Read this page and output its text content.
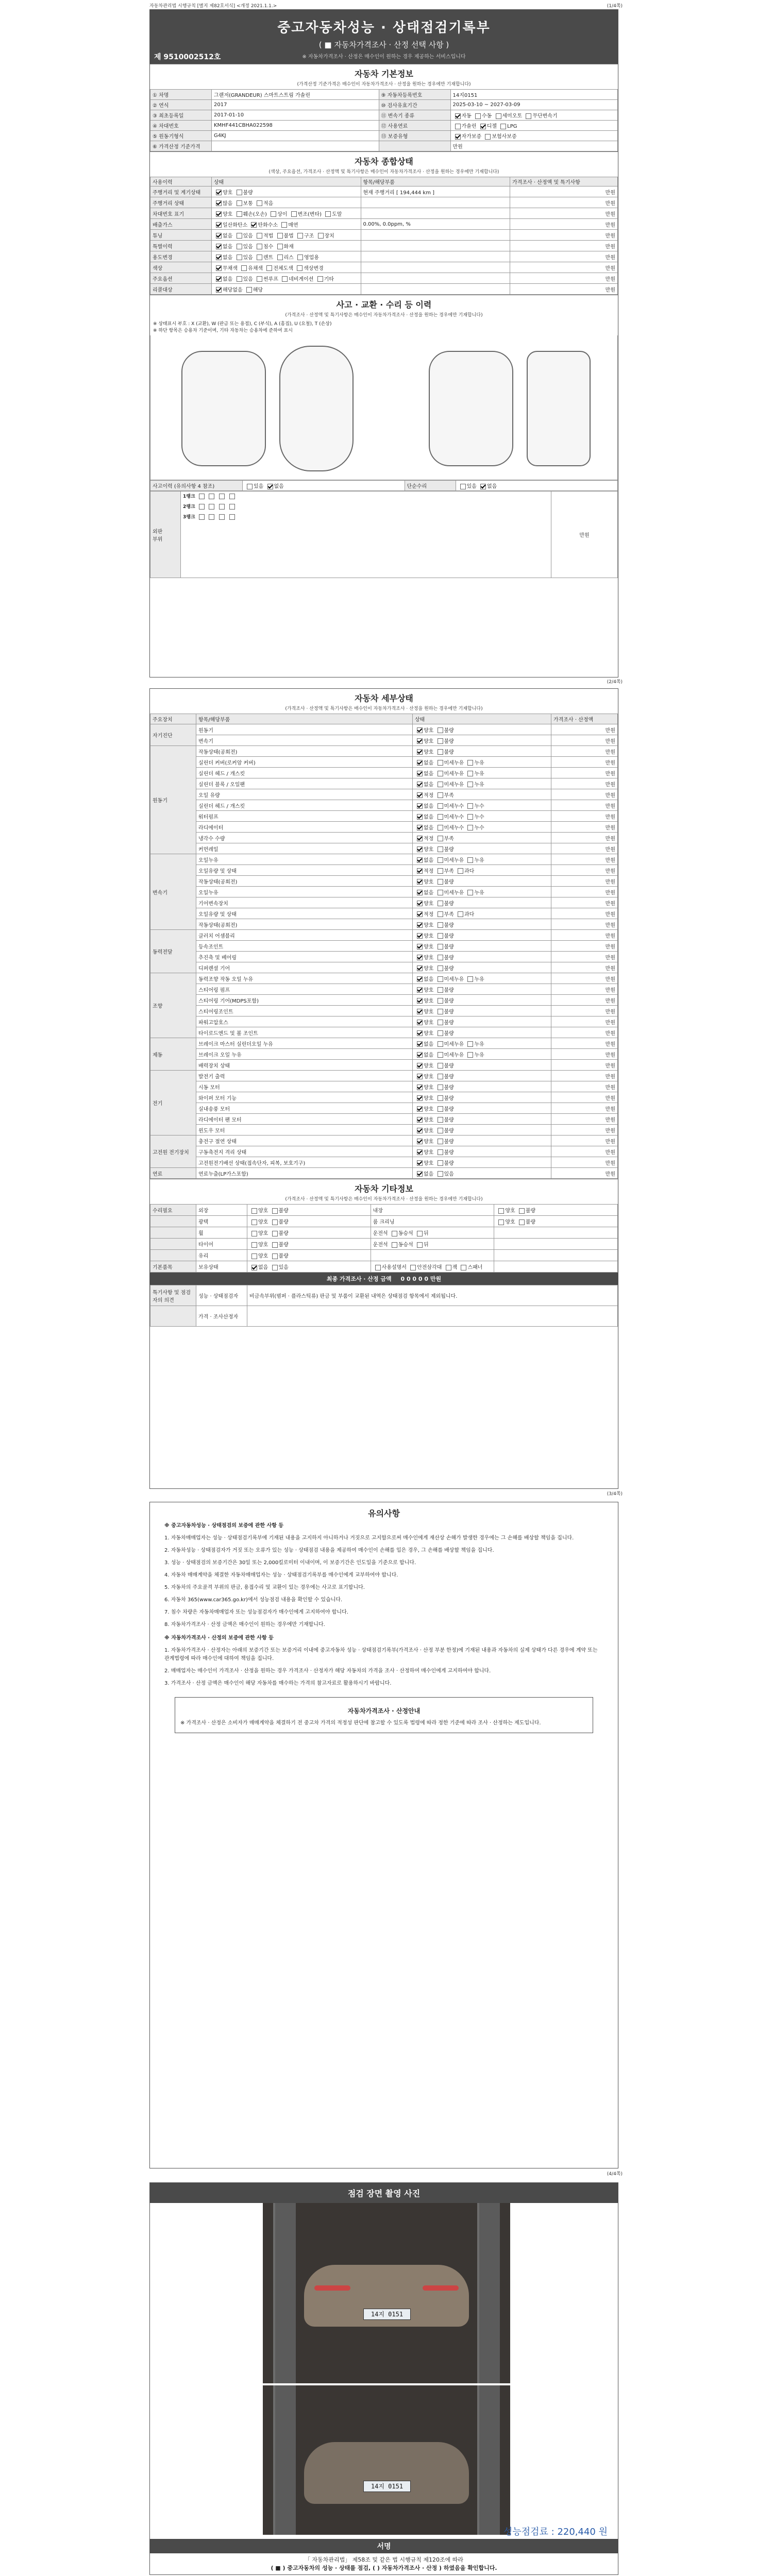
자동차관리법 시행규칙 [별지 제82호서식] <개정 2021.1.1.>	(1/4쪽)
중고자동차성능 · 상태점검기록부
( ■ 자동차가격조사 · 산정 선택 사항 )
※ 자동차가격조사 · 산정은 매수인이 원하는 경우 제공하는 서비스입니다
제 9510002512호
자동차 기본정보
(가격산정 기준가격은 매수인이 자동차가격조사 · 산정을 원하는 경우에만 기재합니다)
① 차명	그랜저(GRANDEUR) 스마트스트림 가솔린	⑨ 자동차등록번호	14지0151
② 연식	2017	⑩ 검사유효기간	2025-03-10 ~ 2027-03-09
③ 최초등록일	2017-01-10	⑪ 변속기 종류	자동 수동 세미오토 무단변속기
④ 차대번호	KMHF441CBHA022598	⑫ 사용연료	가솔린 디젤 LPG
⑤ 원동기형식	G4KJ	⑬ 보증유형	자가보증 보험사보증
⑥ 가격산정 기준가격			만원
자동차 종합상태
(색상, 주요옵션, 가격조사 · 산정액 및 특기사항은 매수인이 자동차가격조사 · 산정을 원하는 경우에만 기재합니다)
사용이력	상태	항목/해당부품	가격조사 · 산정액 및 특기사항
주행거리 및 계기상태	양호 불량	현재 주행거리 [ 194,444 km ]	만원
주행거리 상태	많음 보통 적음		만원
차대번호 표기	양호 훼손(오손) 상이 변조(변타) 도말		만원
배출가스	일산화탄소 탄화수소 매연	0.00%, 0.0ppm, %	만원
튜닝	없음 있음 적법 불법 구조 장치		만원
특별이력	없음 있음 침수 화재		만원
용도변경	없음 있음 렌트 리스 영업용		만원
색상	무채색 유채색 전체도색 색상변경		만원
주요옵션	없음 있음 썬루프 네비게이션 기타		만원
리콜대상	해당없음 해당		만원
사고 · 교환 · 수리 등 이력
(가격조사 · 산정액 및 특기사항은 매수인이 자동차가격조사 · 산정을 원하는 경우에만 기재합니다)
※ 상태표시 부호 : X (교환), W (판금 또는 용접), C (부식), A (흠집), U (요철), T (손상)
※ 하단 항목은 승용차 기준이며, 기타 자동차는 승용차에 준하여 표시
사고이력 (유의사항 4 참조)	있음 없음	단순수리	있음 없음
외판
부위	
1랭크
2랭크
3랭크
	만원
(2/4쪽)
자동차 세부상태
(가격조사 · 산정액 및 특기사항은 매수인이 자동차가격조사 · 산정을 원하는 경우에만 기재합니다)
주요장치	항목/해당부품	상태	가격조사 · 산정액
자기진단	원동기	양호 불량	만원
	변속기	양호 불량	만원
원동기	작동상태(공회전)	양호 불량	만원
	실린더 커버(로커암 커버)	없음 미세누유 누유	만원
	실린더 헤드 / 개스킷	없음 미세누유 누유	만원
	실린더 블록 / 오일팬	없음 미세누유 누유	만원
	오일 유량	적정 부족	만원
	실린더 헤드 / 개스킷	없음 미세누수 누수	만원
	워터펌프	없음 미세누수 누수	만원
	라디에이터	없음 미세누수 누수	만원
	냉각수 수량	적정 부족	만원
	커먼레일	양호 불량	만원
변속기	오일누유	없음 미세누유 누유	만원
	오일유량 및 상태	적정 부족 과다	만원
	작동상태(공회전)	양호 불량	만원
	오일누유	없음 미세누유 누유	만원
	기어변속장치	양호 불량	만원
	오일유량 및 상태	적정 부족 과다	만원
	작동상태(공회전)	양호 불량	만원
동력전달	클러치 어셈블리	양호 불량	만원
	등속조인트	양호 불량	만원
	추진축 및 베어링	양호 불량	만원
	디퍼렌셜 기어	양호 불량	만원
조향	동력조향 작동 오일 누유	없음 미세누유 누유	만원
	스티어링 펌프	양호 불량	만원
	스티어링 기어(MDPS포함)	양호 불량	만원
	스티어링조인트	양호 불량	만원
	파워고압호스	양호 불량	만원
	타이로드엔드 및 볼 조인트	양호 불량	만원
제동	브레이크 마스터 실린더오일 누유	없음 미세누유 누유	만원
	브레이크 오일 누유	없음 미세누유 누유	만원
	배력장치 상태	양호 불량	만원
전기	발전기 출력	양호 불량	만원
	시동 모터	양호 불량	만원
	와이퍼 모터 기능	양호 불량	만원
	실내송풍 모터	양호 불량	만원
	라디에이터 팬 모터	양호 불량	만원
	윈도우 모터	양호 불량	만원
고전원 전기장치	충전구 절연 상태	양호 불량	만원
	구동축전지 격리 상태	양호 불량	만원
	고전원전기배선 상태(접속단자, 피복, 보호기구)	양호 불량	만원
연료	연료누출(LP가스포함)	없음 있음	만원
자동차 기타정보
(가격조사 · 산정액 및 특기사항은 매수인이 자동차가격조사 · 산정을 원하는 경우에만 기재합니다)
수리필요	외장	양호 불량	내장	양호 불량
	광택	양호 불량	룸 크리닝	양호 불량
	휠	양호 불량	운전석 동승석 뒤	
	타이어	양호 불량	운전석 동승석 뒤	
	유리	양호 불량		
기본품목	보유상태	없음 있음	사용설명서 안전삼각대 잭 스패너	
최종 가격조사 · 산정 금액 0 0 0 0 0 만원
특기사항 및 점검자의 의견	성능 · 상태점검자	비금속부위(범퍼 · 플라스틱류) 판금 및 부품이 교환된 내역은 상태점검 항목에서 제외됩니다.
	가격 · 조사산정자	
(3/4쪽)
유의사항
※ 중고자동차성능 · 상태점검의 보증에 관한 사항 등
1. 자동차매매업자는 성능 · 상태점검기록부에 기재된 내용을 고지하지 아니하거나 거짓으로 고지함으로써 매수인에게 재산상 손해가 발생한 경우에는 그 손해를 배상할 책임을 집니다.
2. 자동차성능 · 상태점검자가 거짓 또는 오류가 있는 성능 · 상태점검 내용을 제공하여 매수인이 손해를 입은 경우, 그 손해를 배상할 책임을 집니다.
3. 성능 · 상태점검의 보증기간은 30일 또는 2,000킬로미터 이내이며, 이 보증기간은 인도일을 기준으로 합니다.
4. 자동차 매매계약을 체결한 자동차매매업자는 성능 · 상태점검기록부를 매수인에게 교부하여야 합니다.
5. 자동차의 주요골격 부위의 판금, 용접수리 및 교환이 있는 경우에는 사고로 표기합니다.
6. 자동차 365(www.car365.go.kr)에서 성능점검 내용을 확인할 수 있습니다.
7. 침수 차량은 자동차매매업자 또는 성능점검자가 매수인에게 고지하여야 합니다.
8. 자동차가격조사 · 산정 금액은 매수인이 원하는 경우에만 기재합니다.
※ 자동차가격조사 · 산정의 보증에 관한 사항 등
1. 자동차가격조사 · 산정자는 아래의 보증기간 또는 보증거리 이내에 중고자동차 성능 · 상태점검기록부(가격조사 · 산정 부분 한정)에 기재된 내용과 자동차의 실제 상태가 다른 경우에 계약 또는 관계법령에 따라 매수인에 대하여 책임을 집니다.
2. 매매업자는 매수인이 가격조사 · 산정을 원하는 경우 가격조사 · 산정자가 해당 자동차의 가격을 조사 · 산정하여 매수인에게 고지하여야 합니다.
3. 가격조사 · 산정 금액은 매수인이 해당 자동차를 매수하는 가격의 참고자료로 활용하시기 바랍니다.
자동차가격조사 · 산정안내
※ 가격조사 · 산정은 소비자가 매매계약을 체결하기 전 중고차 가격의 적정성 판단에 참고할 수 있도록 법령에 따라 정한 기준에 따라 조사 · 산정하는 제도입니다.
(4/4쪽)
점검 장면 촬영 사진
14지 0151
14지 0151
서명
성능점검료 : 220,440 원
「 자동차관리법」 제58조 및 같은 법 시행규칙 제120조에 따라
( ■ ) 중고자동차의 성능 · 상태를 점검, ( ) 자동차가격조사 · 산정 ) 하였음을 확인합니다.
